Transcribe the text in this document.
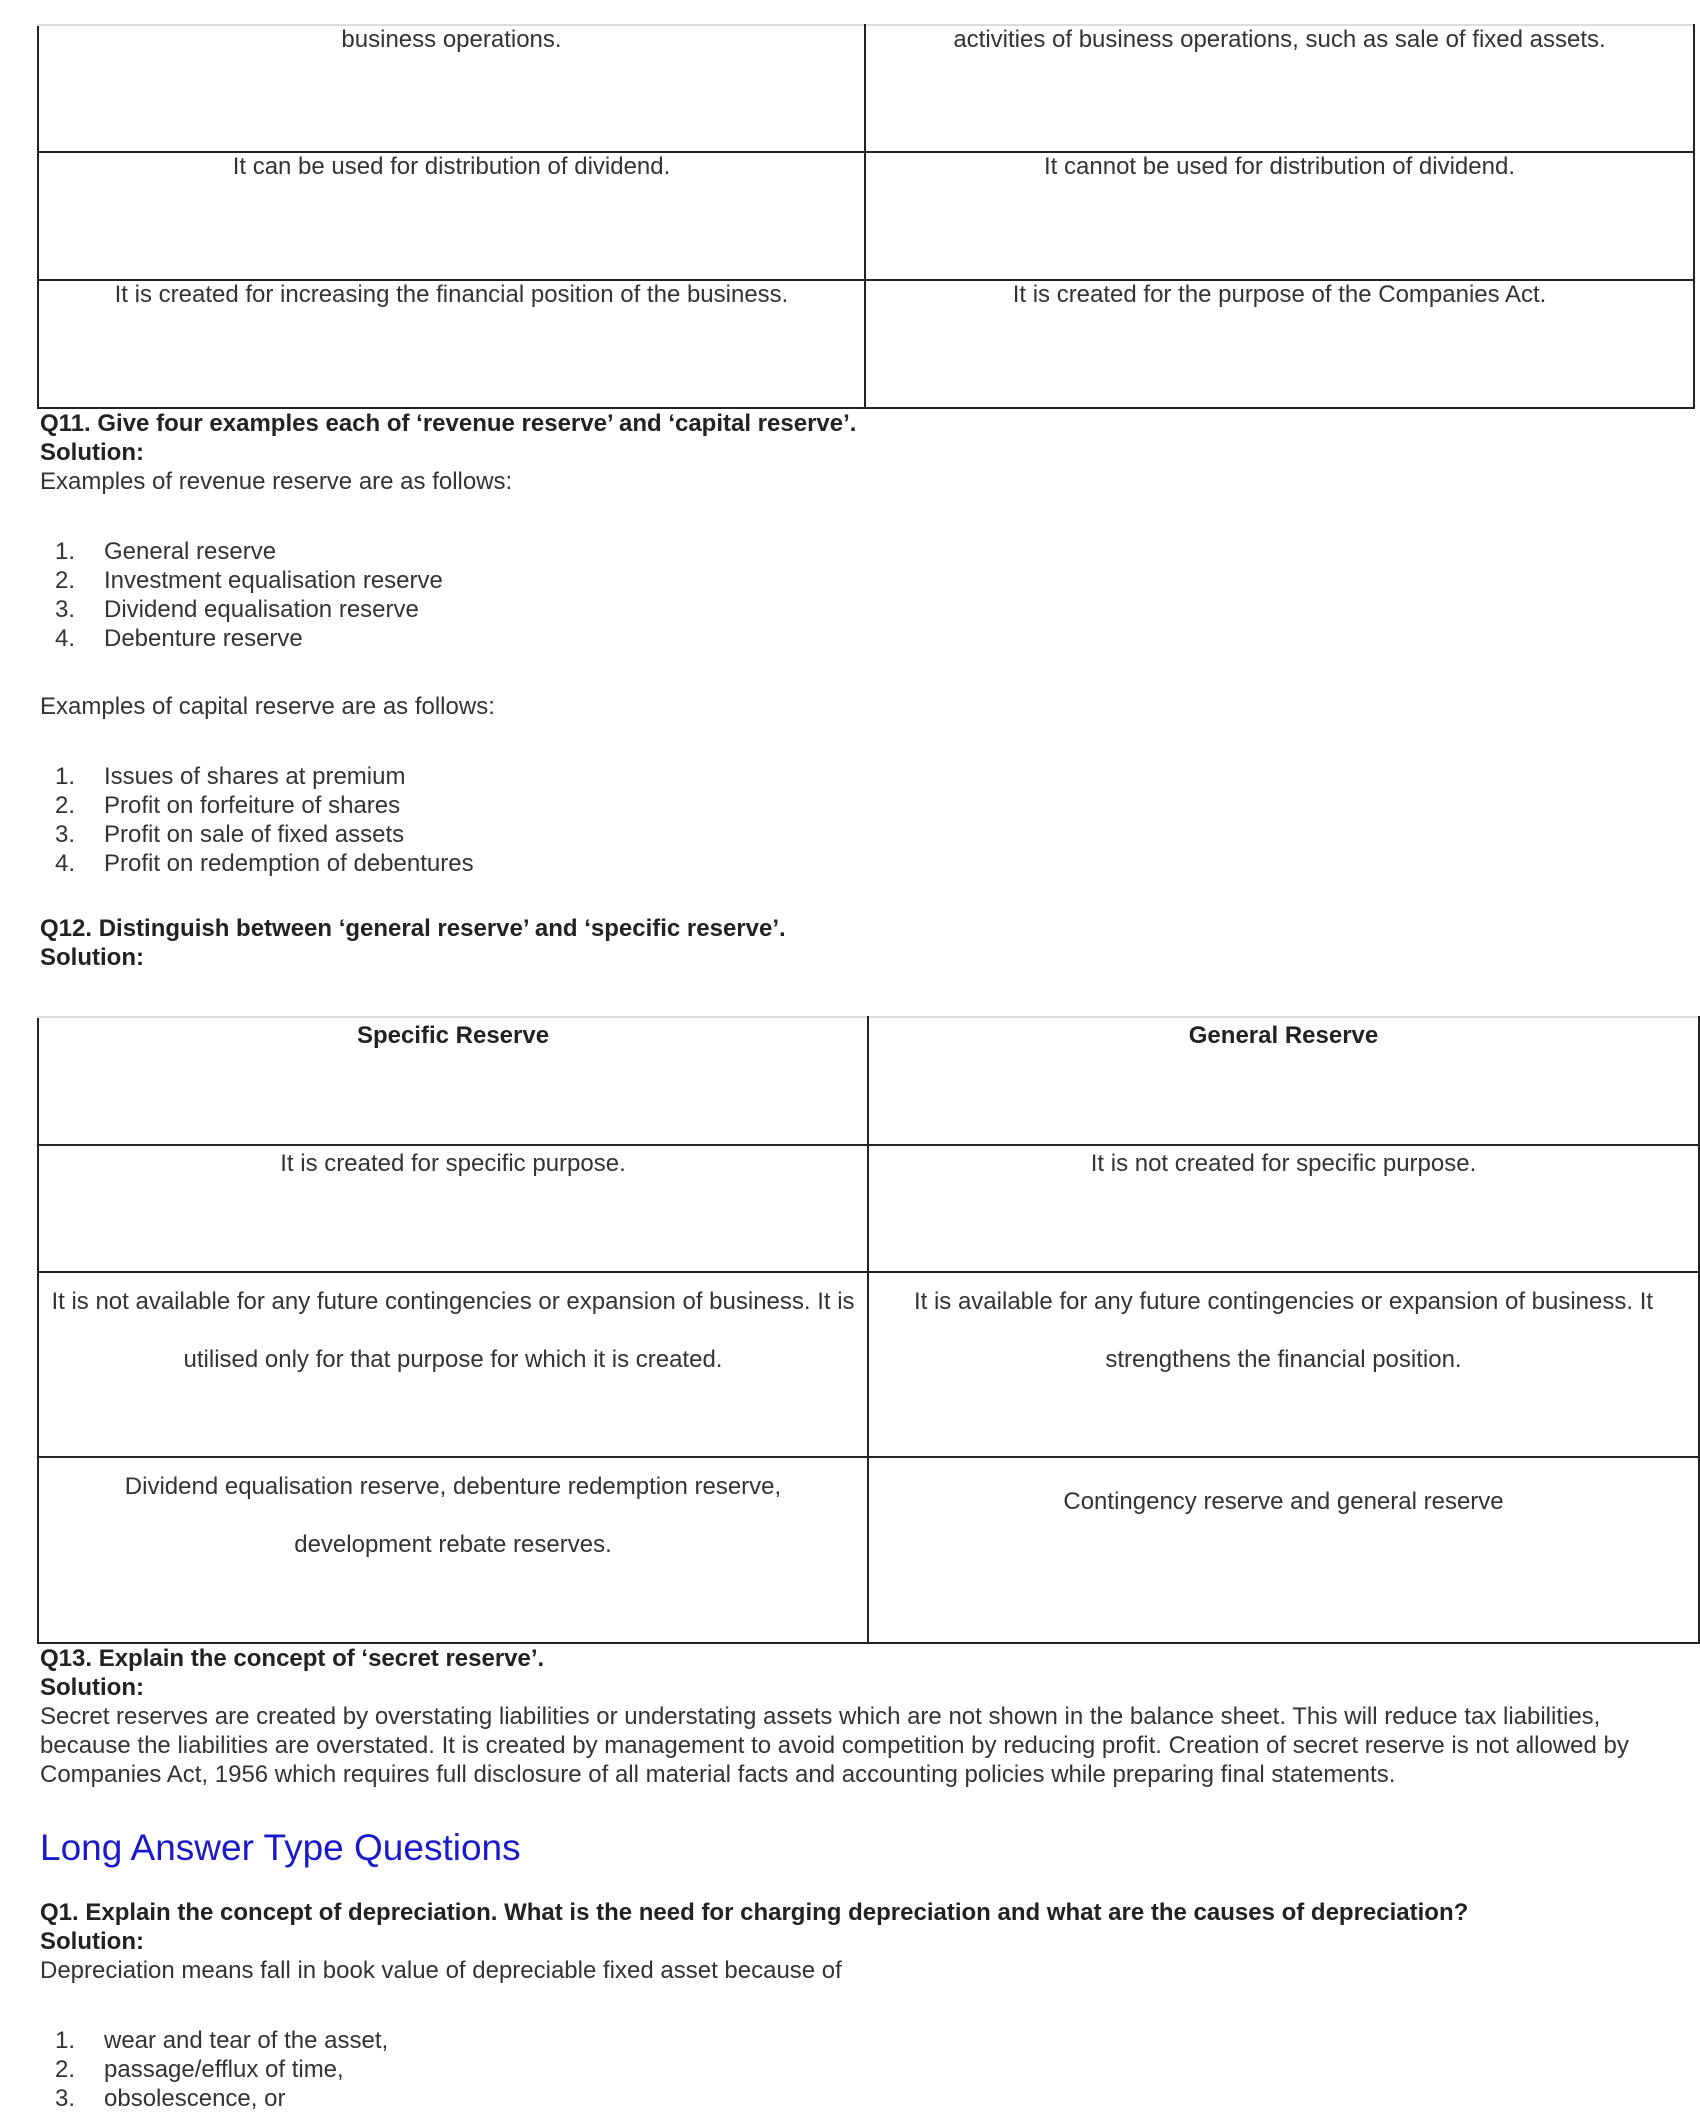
business operations.	activities of business operations, such as sale of fixed assets.
It can be used for distribution of dividend.	It cannot be used for distribution of dividend.
It is created for increasing the financial position of the business.	It is created for the purpose of the Companies Act.
Q11. Give four examples each of ‘revenue reserve’ and ‘capital reserve’.
Solution:
Examples of revenue reserve are as follows:
1. General reserve
2. Investment equalisation reserve
3. Dividend equalisation reserve
4. Debenture reserve
Examples of capital reserve are as follows:
1. Issues of shares at premium
2. Profit on forfeiture of shares
3. Profit on sale of fixed assets
4. Profit on redemption of debentures
Q12. Distinguish between ‘general reserve’ and ‘specific reserve’.
Solution:
Specific Reserve	General Reserve
It is created for specific purpose.	It is not created for specific purpose.
It is not available for any future contingencies or expansion of business. It is utilised only for that purpose for which it is created.	It is available for any future contingencies or expansion of business. It strengthens the financial position.
Dividend equalisation reserve, debenture redemption reserve, development rebate reserves.	Contingency reserve and general reserve
Q13. Explain the concept of ‘secret reserve’.
Solution:
Secret reserves are created by overstating liabilities or understating assets which are not shown in the balance sheet. This will reduce tax liabilities, because the liabilities are overstated. It is created by management to avoid competition by reducing profit. Creation of secret reserve is not allowed by Companies Act, 1956 which requires full disclosure of all material facts and accounting policies while preparing final statements.
Long Answer Type Questions
Q1. Explain the concept of depreciation. What is the need for charging depreciation and what are the causes of depreciation?
Solution:
Depreciation means fall in book value of depreciable fixed asset because of
1. wear and tear of the asset,
2. passage/efflux of time,
3. obsolescence, or
